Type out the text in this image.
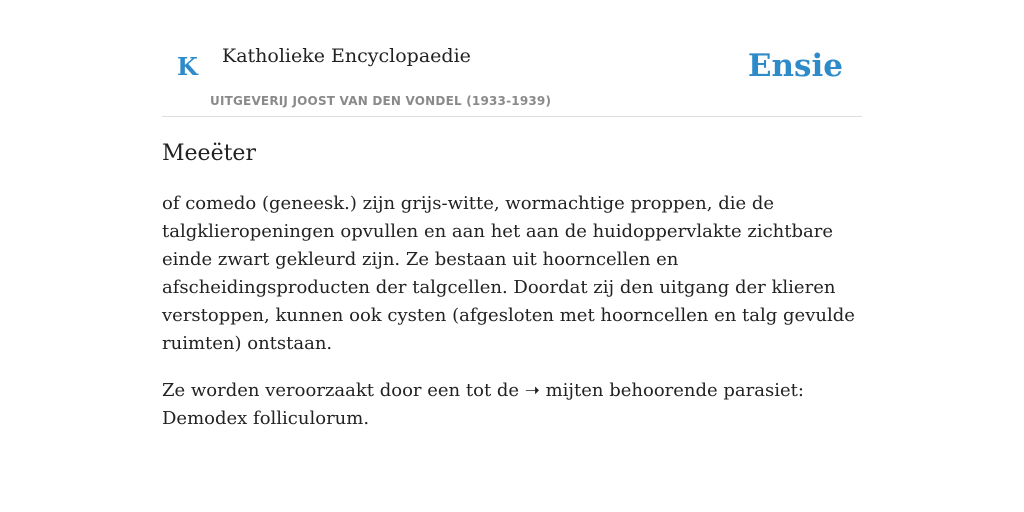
K Katholieke Encyclopaedie
UITGEVERIJ JOOST VAN DEN VONDEL (1933-1939)
Ensie
Meeëter

of comedo (geneesk.) zijn grijs-witte, wormachtige proppen, die de talgklieropeningen opvullen en aan het aan de huidoppervlakte zichtbare einde zwart gekleurd zijn. Ze bestaan uit hoorncellen en afscheidingsproducten der talgcellen. Doordat zij den uitgang der klieren verstoppen, kunnen ook cysten (afgesloten met hoorncellen en talg gevulde ruimten) ontstaan.

Ze worden veroorzaakt door een tot de ➝ mijten behoorende parasiet: Demodex folliculorum.
